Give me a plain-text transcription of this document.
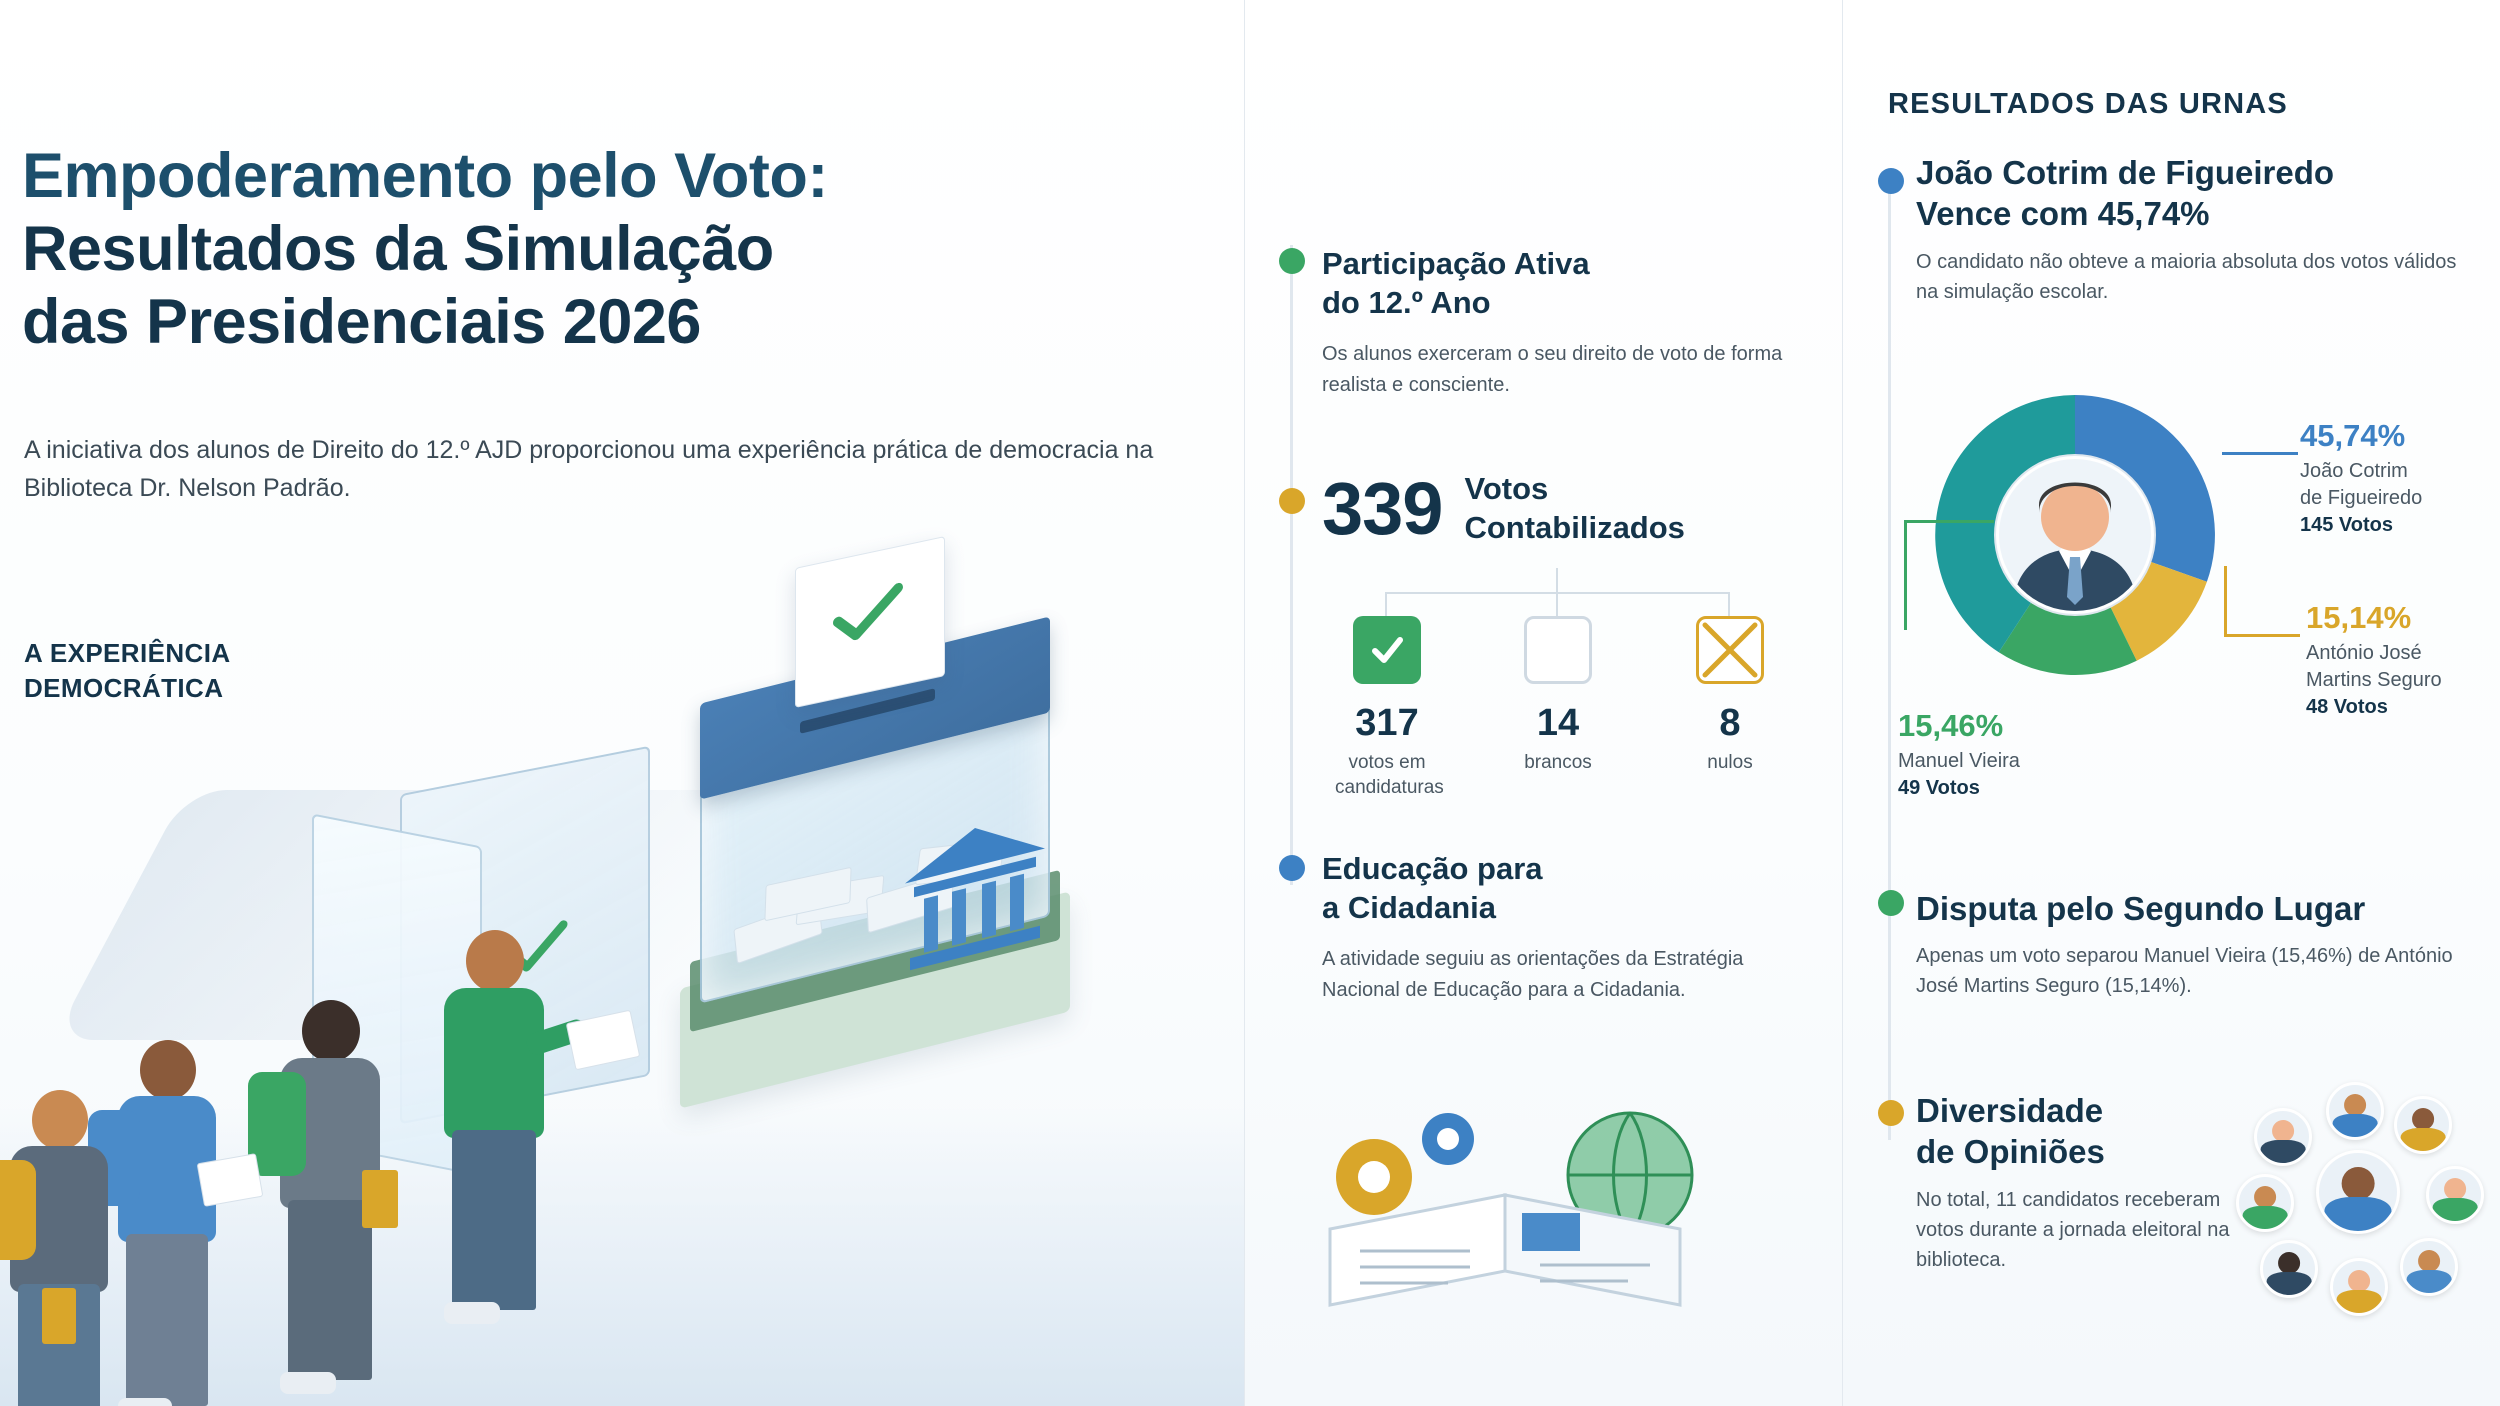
Empoderamento pelo Voto:
Resultados da Simulação
das Presidenciais 2026
A iniciativa dos alunos de Direito do 12.º AJD proporcionou uma experiência prática de democracia na Biblioteca Dr. Nelson Padrão.
A EXPERIÊNCIA
DEMOCRÁTICA
Participação Ativa
do 12.º Ano
Os alunos exerceram o seu direito de voto de forma realista e consciente.
339 Votos
Contabilizados
317
votos em
candidaturas
14
brancos
8
nulos
Educação para
a Cidadania
A atividade seguiu as orientações da Estratégia Nacional de Educação para a Cidadania.
RESULTADOS DAS URNAS
João Cotrim de Figueiredo
Vence com 45,74%
O candidato não obteve a maioria absoluta dos votos válidos na simulação escolar.
45,74%
João Cotrim
de Figueiredo
145 Votos
15,14%
António José
Martins Seguro
48 Votos
15,46%
Manuel Vieira
49 Votos
Disputa pelo Segundo Lugar
Apenas um voto separou Manuel Vieira (15,46%) de António José Martins Seguro (15,14%).
Diversidade
de Opiniões
No total, 11 candidatos receberam votos durante a jornada eleitoral na biblioteca.
